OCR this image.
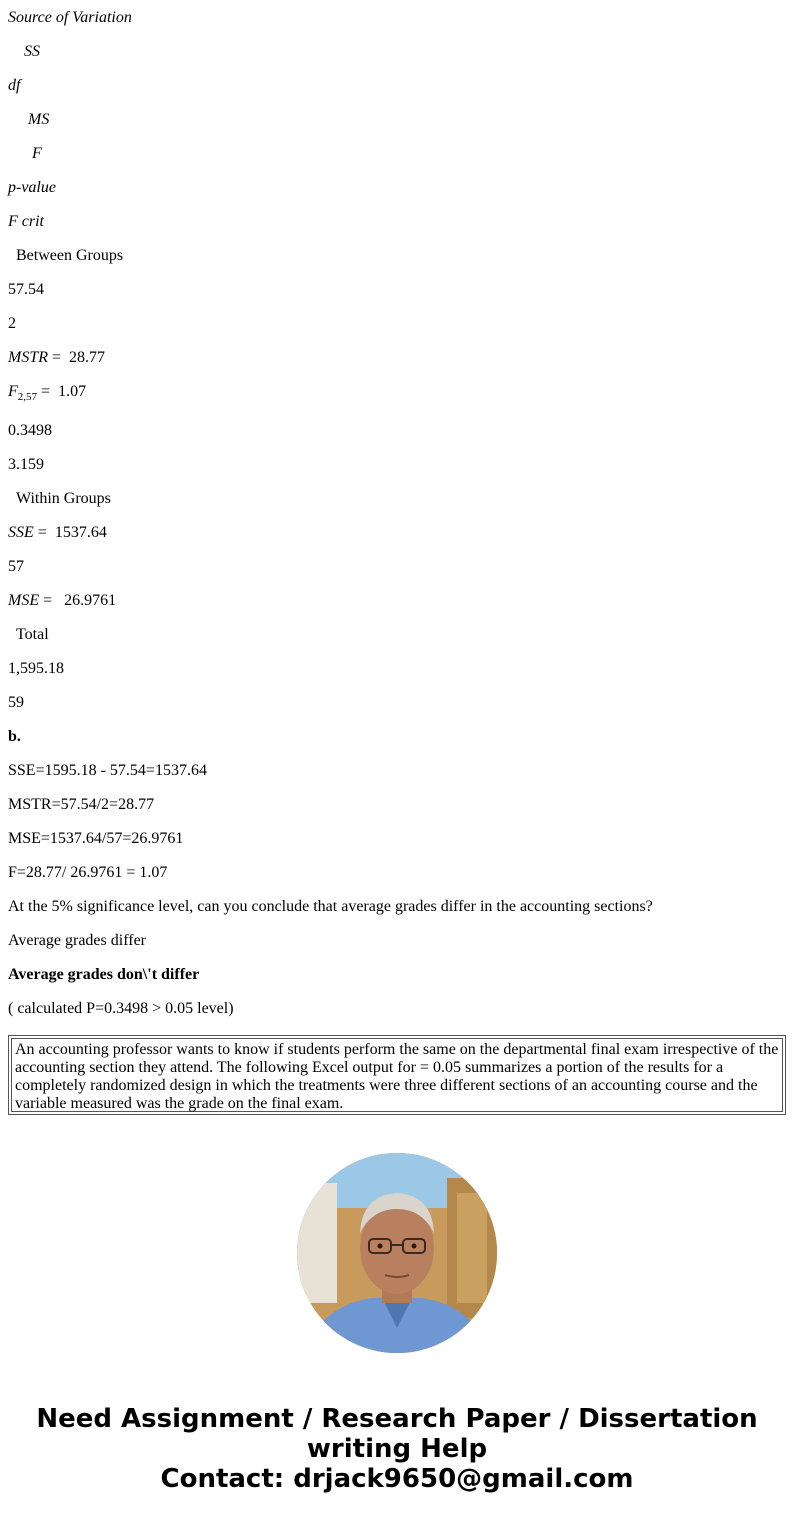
Source of Variation

SS

df

MS

F

p-value

F crit

Between Groups

57.54

2

MSTR =  28.77

$F_{2,57} = 1.07$

0.3498

3.159

Within Groups

SSE =  1537.64

57

MSE =   26.9761

Total

1,595.18

59

b.

SSE=1595.18 - 57.54=1537.64

MSTR=57.54/2=28.77

MSE=1537.64/57=26.9761

F=28.77/ 26.9761 = 1.07

At the 5% significance level, can you conclude that average grades differ in the accounting sections?

Average grades differ

Average grades don\'t differ

( calculated P=0.3498 > 0.05 level)

An accounting professor wants to know if students perform the same on the departmental final exam irrespective of the accounting section they attend. The following Excel output for = 0.05 summarizes a portion of the results for a completely randomized design in which the treatments were three different sections of an accounting course and the variable measured was the grade on the final exam.
Need Assignment / Research Paper / Dissertation
writing Help
Contact: drjack9650@gmail.com
